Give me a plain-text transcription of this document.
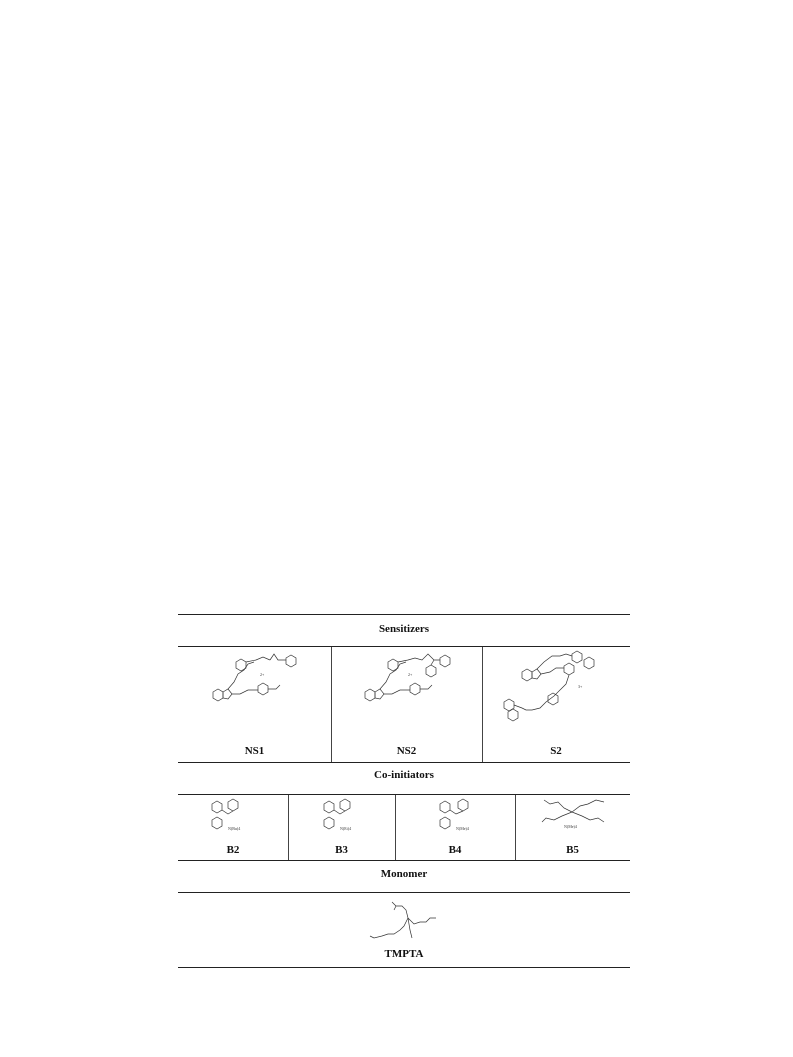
Sensitizers
2+
NS1
2+
NS2
3+
S2
Co-initiators
N(Bu)4
B2
N(Et)4
B3
N(Me)4
B4
N(Me)4
B5
Monomer
TMPTA
